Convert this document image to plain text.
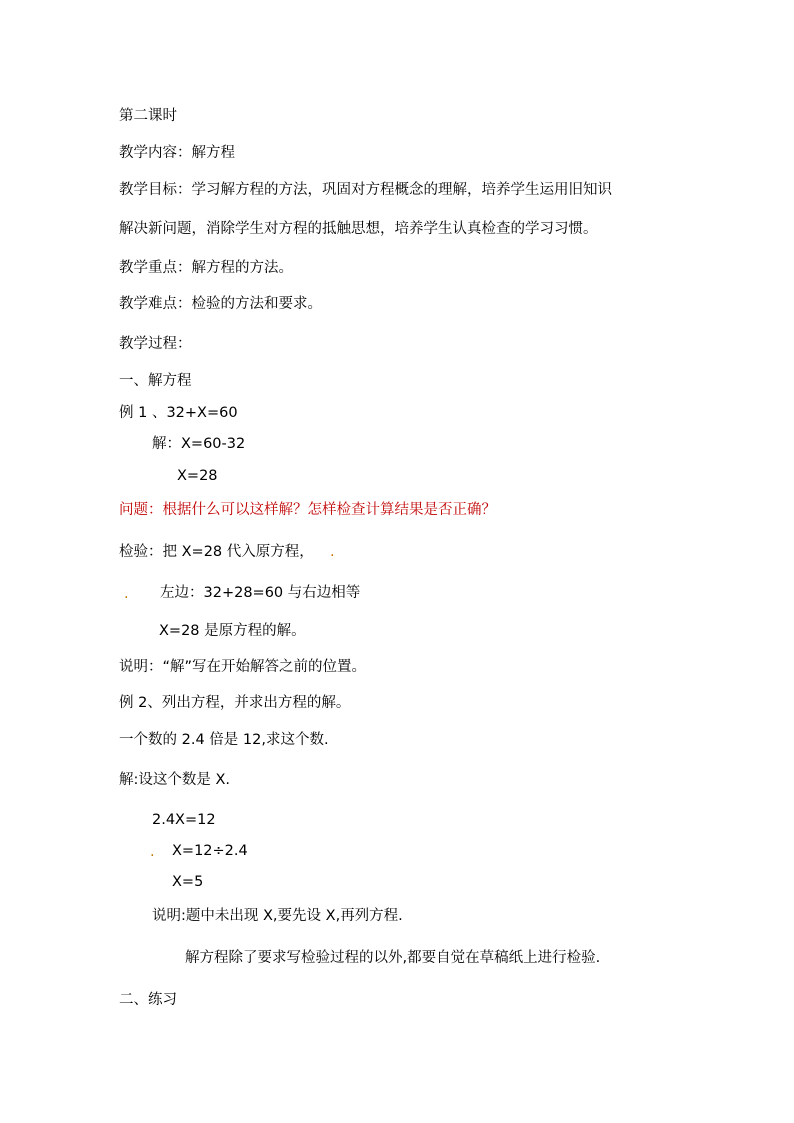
第二课时
教学内容：解方程
教学目标：学习解方程的方法，巩固对方程概念的理解，培养学生运用旧知识
解决新问题，消除学生对方程的抵触思想，培养学生认真检查的学习习惯。
教学重点：解方程的方法。
教学难点：检验的方法和要求。
教学过程：
一、解方程
例 1 、32+X=60
解：X=60-32
X=28
问题：根据什么可以这样解？怎样检查计算结果是否正确？
检验：把 X=28 代入原方程， .
. 左边：32+28=60 与右边相等
X=28 是原方程的解。
说明：“解”写在开始解答之前的位置。
例 2、列出方程，并求出方程的解。
一个数的 2.4 倍是 12,求这个数.
解:设这个数是 X.
2.4X=12
. X=12÷2.4
X=5
说明:题中未出现 X,要先设 X,再列方程.
解方程除了要求写检验过程的以外,都要自觉在草稿纸上进行检验.
二、练习
